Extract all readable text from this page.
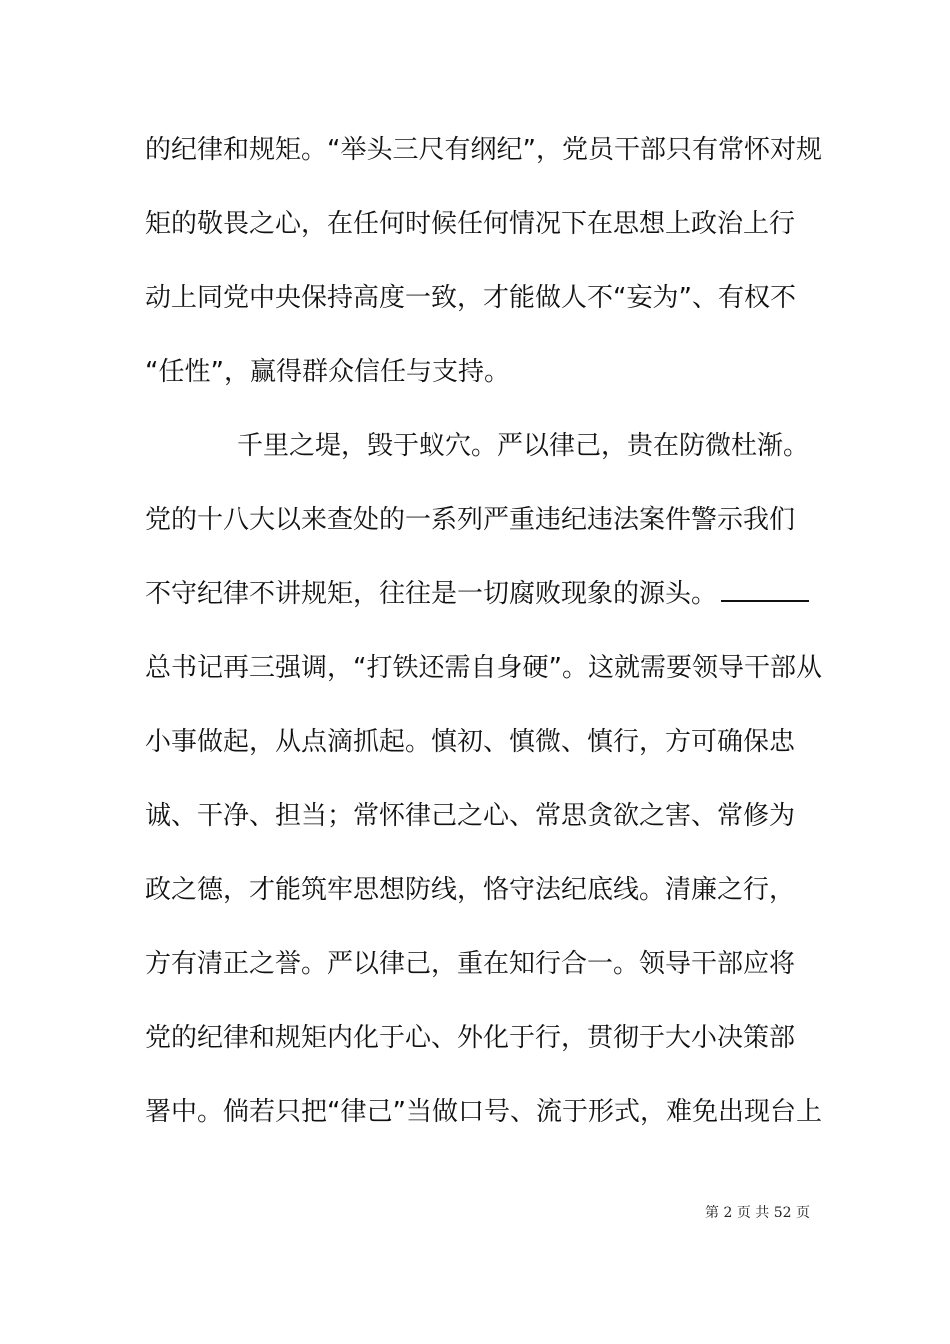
的纪律和规矩。“举头三尺有纲纪”，党员干部只有常怀对规
矩的敬畏之心，在任何时候任何情况下在思想上政治上行
动上同党中央保持高度一致，才能做人不“妄为”、有权不
“任性”，赢得群众信任与支持。
千里之堤，毁于蚁穴。严以律己，贵在防微杜渐。
党的十八大以来查处的一系列严重违纪违法案件警示我们
不守纪律不讲规矩，往往是一切腐败现象的源头。
总书记再三强调，“打铁还需自身硬”。这就需要领导干部从
小事做起，从点滴抓起。慎初、慎微、慎行，方可确保忠
诚、干净、担当；常怀律己之心、常思贪欲之害、常修为
政之德，才能筑牢思想防线，恪守法纪底线。清廉之行，
方有清正之誉。严以律己，重在知行合一。领导干部应将
党的纪律和规矩内化于心、外化于行，贯彻于大小决策部
署中。倘若只把“律己”当做口号、流于形式，难免出现台上
第 2 页 共 52 页
